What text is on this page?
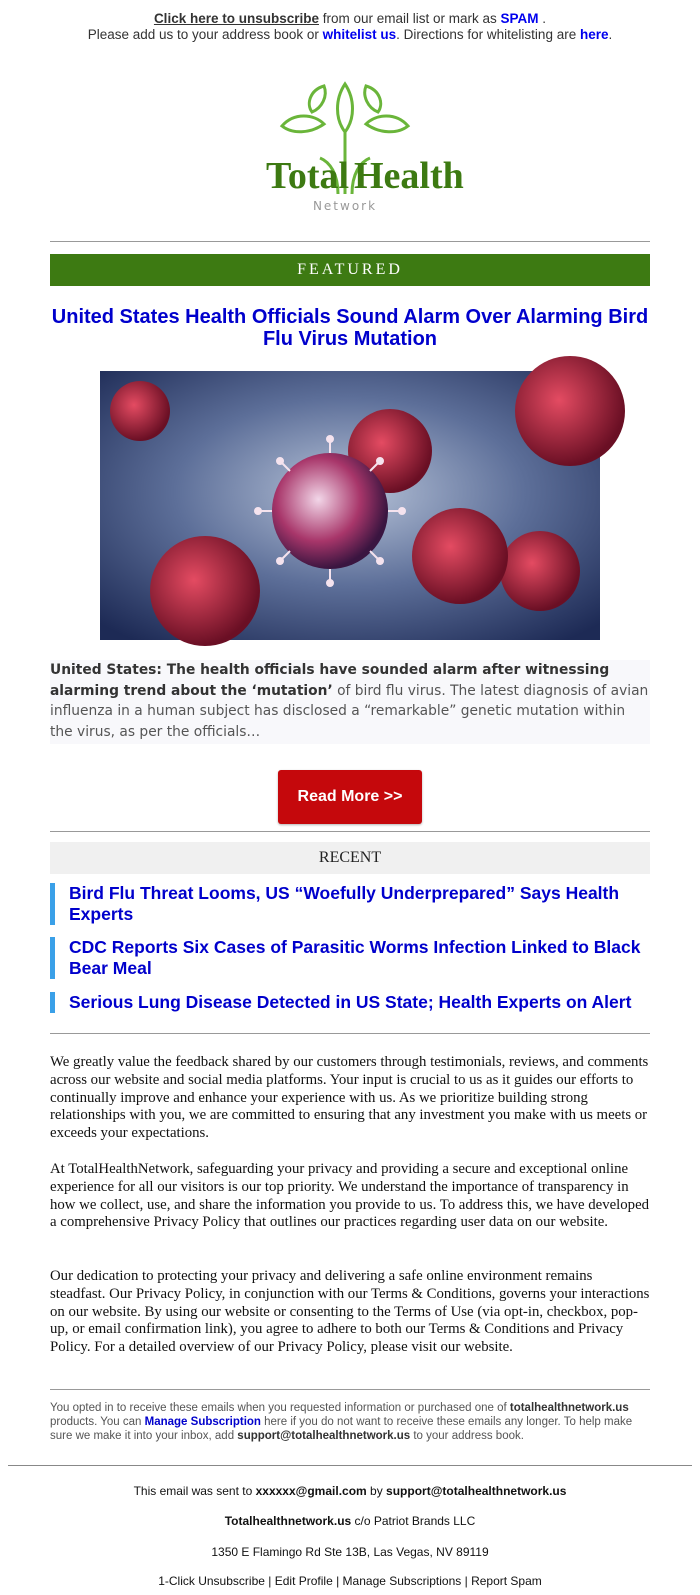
Click here to unsubscribe from our email list or mark as SPAM .
Please add us to your address book or whitelist us. Directions for whitelisting are here.
Total Health
Network
FEATURED
United States Health Officials Sound Alarm Over Alarming Bird Flu Virus Mutation
United States: The health officials have sounded alarm after witnessing alarming trend about the ‘mutation’ of bird flu virus. The latest diagnosis of avian influenza in a human subject has disclosed a “remarkable” genetic mutation within the virus, as per the officials…
Read More >>
RECENT
Bird Flu Threat Looms, US “Woefully Underprepared” Says Health Experts
CDC Reports Six Cases of Parasitic Worms Infection Linked to Black Bear Meal
Serious Lung Disease Detected in US State; Health Experts on Alert
We greatly value the feedback shared by our customers through testimonials, reviews, and comments across our website and social media platforms. Your input is crucial to us as it guides our efforts to continually improve and enhance your experience with us. As we prioritize building strong relationships with you, we are committed to ensuring that any investment you make with us meets or exceeds your expectations.
At TotalHealthNetwork, safeguarding your privacy and providing a secure and exceptional online experience for all our visitors is our top priority. We understand the importance of transparency in how we collect, use, and share the information you provide to us. To address this, we have developed a comprehensive Privacy Policy that outlines our practices regarding user data on our website.
Our dedication to protecting your privacy and delivering a safe online environment remains steadfast. Our Privacy Policy, in conjunction with our Terms & Conditions, governs your interactions on our website. By using our website or consenting to the Terms of Use (via opt-in, checkbox, pop-up, or email confirmation link), you agree to adhere to both our Terms & Conditions and Privacy Policy. For a detailed overview of our Privacy Policy, please visit our website.
You opted in to receive these emails when you requested information or purchased one of totalhealthnetwork.us products. You can Manage Subscription here if you do not want to receive these emails any longer. To help make sure we make it into your inbox, add support@totalhealthnetwork.us to your address book.
This email was sent to xxxxxx@gmail.com by support@totalhealthnetwork.us
Totalhealthnetwork.us c/o Patriot Brands LLC
1350 E Flamingo Rd Ste 13B, Las Vegas, NV 89119
1-Click Unsubscribe | Edit Profile | Manage Subscriptions | Report Spam
